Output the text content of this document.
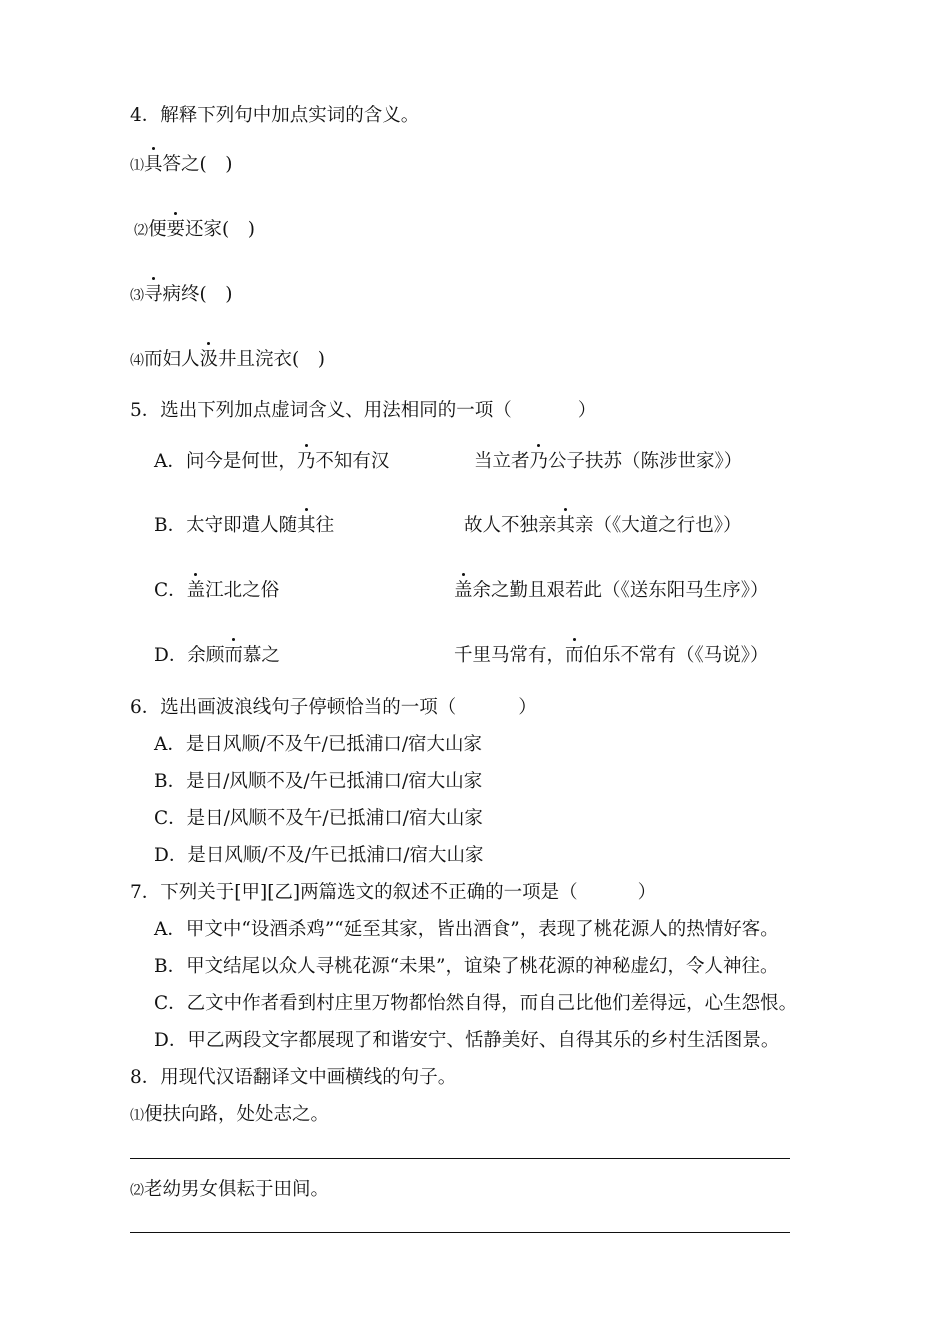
4．解释下列句中加点实词的含义。
⑴具答之(　)
⑵便要还家(　)
⑶寻病终(　)
⑷而妇人汲井且浣衣(　)
5．选出下列加点虚词含义、用法相同的一项（	）
A．问今是何世，乃不知有汉	当立者乃公子扶苏（陈涉世家》）
B．太守即遣人随其往	故人不独亲其亲（《大道之行也》）
C．盖江北之俗	盖余之勤且艰若此（《送东阳马生序》）
D．余顾而慕之	千里马常有，而伯乐不常有（《马说》）
6．选出画波浪线句子停顿恰当的一项（	）
A．是日风顺/不及午/已抵浦口/宿大山家
B．是日/风顺不及/午已抵浦口/宿大山家
C．是日/风顺不及午/已抵浦口/宿大山家
D．是日风顺/不及/午已抵浦口/宿大山家
7．下列关于[甲][乙]两篇选文的叙述不正确的一项是（	）
A．甲文中“设酒杀鸡”“延至其家，皆出酒食”，表现了桃花源人的热情好客。
B．甲文结尾以众人寻桃花源“未果”，谊染了桃花源的神秘虚幻，令人神往。
C．乙文中作者看到村庄里万物都怡然自得，而自己比他们差得远，心生怨恨。
D．甲乙两段文字都展现了和谐安宁、恬静美好、自得其乐的乡村生活图景。
8．用现代汉语翻译文中画横线的句子。
⑴便扶向路，处处志之。
⑵老幼男女俱耘于田间。
